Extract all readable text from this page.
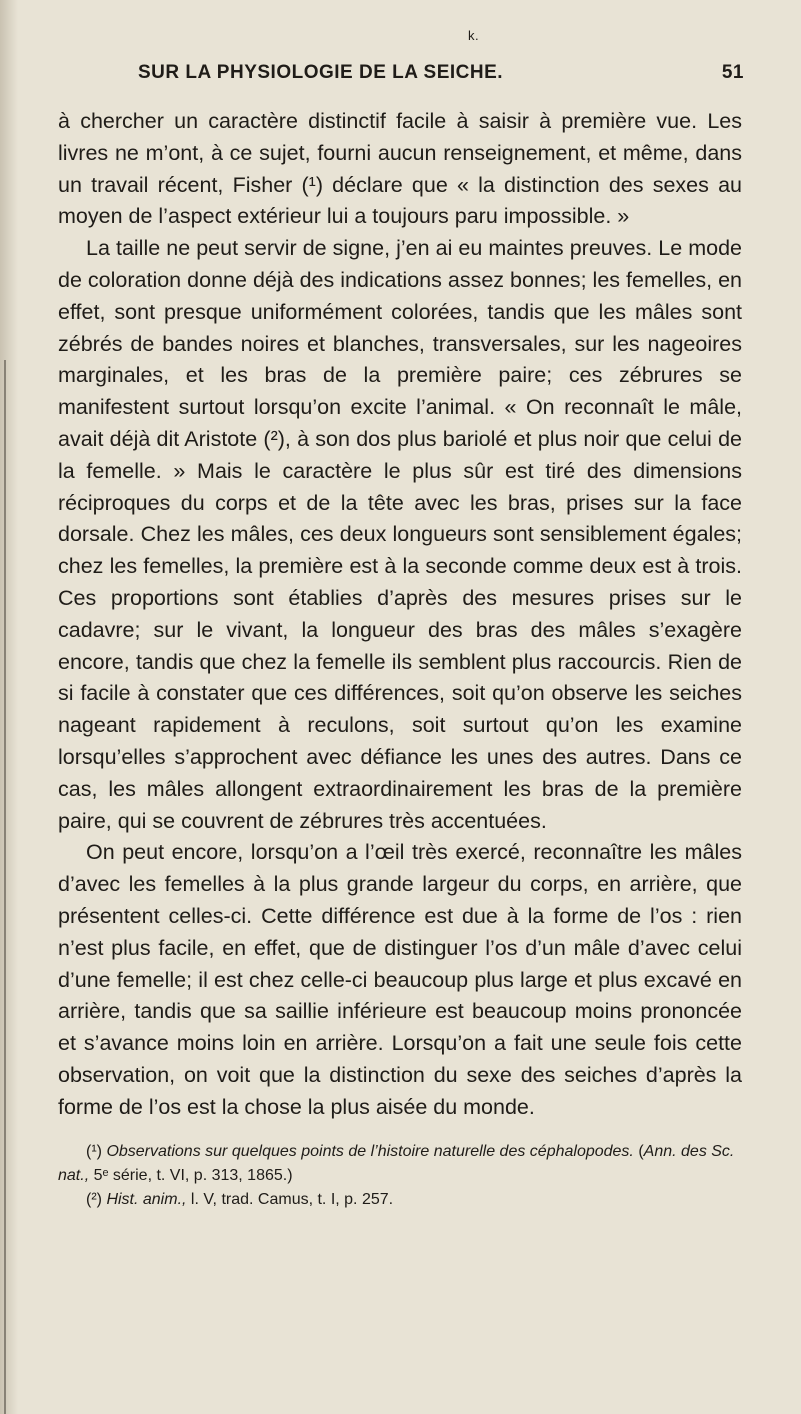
k.
SUR LA PHYSIOLOGIE DE LA SEICHE.	51

à chercher un caractère distinctif facile à saisir à première vue. Les livres ne m’ont, à ce sujet, fourni aucun renseignement, et même, dans un travail récent, Fisher (¹) déclare que « la distinction des sexes au moyen de l’aspect extérieur lui a toujours paru impossible. »

La taille ne peut servir de signe, j’en ai eu maintes preuves. Le mode de coloration donne déjà des indications assez bonnes; les femelles, en effet, sont presque uniformément colorées, tandis que les mâles sont zébrés de bandes noires et blanches, transversales, sur les nageoires marginales, et les bras de la première paire; ces zébrures se manifestent surtout lorsqu’on excite l’animal. « On reconnaît le mâle, avait déjà dit Aristote (²), à son dos plus bariolé et plus noir que celui de la femelle. » Mais le caractère le plus sûr est tiré des dimensions réciproques du corps et de la tête avec les bras, prises sur la face dorsale. Chez les mâles, ces deux longueurs sont sensiblement égales; chez les femelles, la première est à la seconde comme deux est à trois. Ces proportions sont établies d’après des mesures prises sur le cadavre; sur le vivant, la longueur des bras des mâles s’exagère encore, tandis que chez la femelle ils semblent plus raccourcis. Rien de si facile à constater que ces différences, soit qu’on observe les seiches nageant rapidement à reculons, soit surtout qu’on les examine lorsqu’elles s’approchent avec défiance les unes des autres. Dans ce cas, les mâles allongent extraordinairement les bras de la première paire, qui se couvrent de zébrures très accentuées.

On peut encore, lorsqu’on a l’œil très exercé, reconnaître les mâles d’avec les femelles à la plus grande largeur du corps, en arrière, que présentent celles-ci. Cette différence est due à la forme de l’os : rien n’est plus facile, en effet, que de distinguer l’os d’un mâle d’avec celui d’une femelle; il est chez celle-ci beaucoup plus large et plus excavé en arrière, tandis que sa saillie inférieure est beaucoup moins prononcée et s’avance moins loin en arrière. Lorsqu’on a fait une seule fois cette observation, on voit que la distinction du sexe des seiches d’après la forme de l’os est la chose la plus aisée du monde.

(¹) Observations sur quelques points de l’histoire naturelle des céphalopodes. (Ann. des Sc. nat., 5ᵉ série, t. VI, p. 313, 1865.)

(²) Hist. anim., l. V, trad. Camus, t. I, p. 257.
